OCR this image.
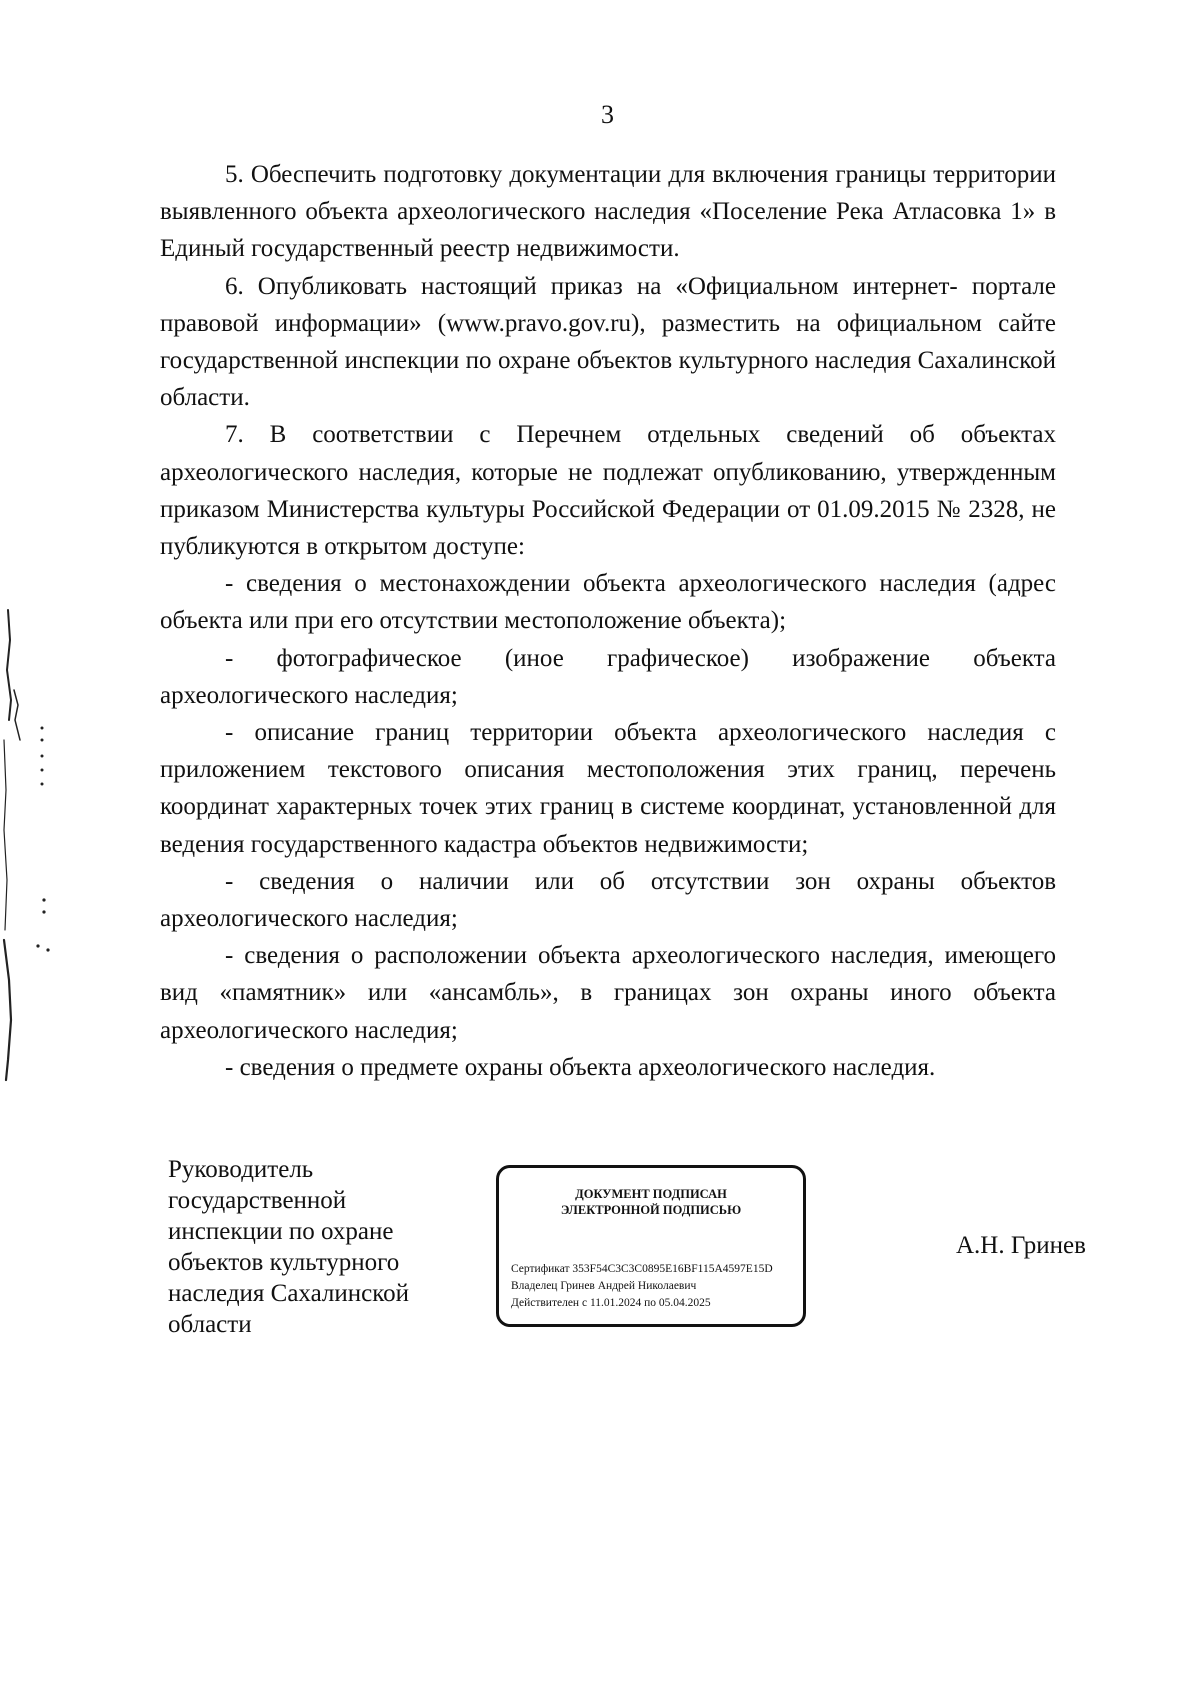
3

5. Обеспечить подготовку документации для включения границы территории выявленного объекта археологического наследия «Поселение Река Атласовка 1» в Единый государственный реестр недвижимости.

6. Опубликовать настоящий приказ на «Официальном интернет- портале правовой информации» (www.pravo.gov.ru), разместить на официальном сайте государственной инспекции по охране объектов культурного наследия Сахалинской области.

7. В соответствии с Перечнем отдельных сведений об объектах археологического наследия, которые не подлежат опубликованию, утвержденным приказом Министерства культуры Российской Федерации от 01.09.2015 № 2328, не публикуются в открытом доступе:

- сведения о местонахождении объекта археологического наследия (адрес объекта или при его отсутствии местоположение объекта);

- фотографическое (иное графическое) изображение объекта археологического наследия;

- описание границ территории объекта археологического наследия с приложением текстового описания местоположения этих границ, перечень координат характерных точек этих границ в системе координат, установленной для ведения государственного кадастра объектов недвижимости;

- сведения о наличии или об отсутствии зон охраны объектов археологического наследия;

- сведения о расположении объекта археологического наследия, имеющего вид «памятник» или «ансамбль», в границах зон охраны иного объекта археологического наследия;

- сведения о предмете охраны объекта археологического наследия.

Руководитель
государственной
инспекции по охране
объектов культурного
наследия Сахалинской
области
ДОКУМЕНТ ПОДПИСАН
ЭЛЕКТРОННОЙ ПОДПИСЬЮ
Сертификат 353F54C3C3C0895E16BF115A4597E15D
Владелец Гринев Андрей Николаевич
Действителен с 11.01.2024 по 05.04.2025
А.Н. Гринев
